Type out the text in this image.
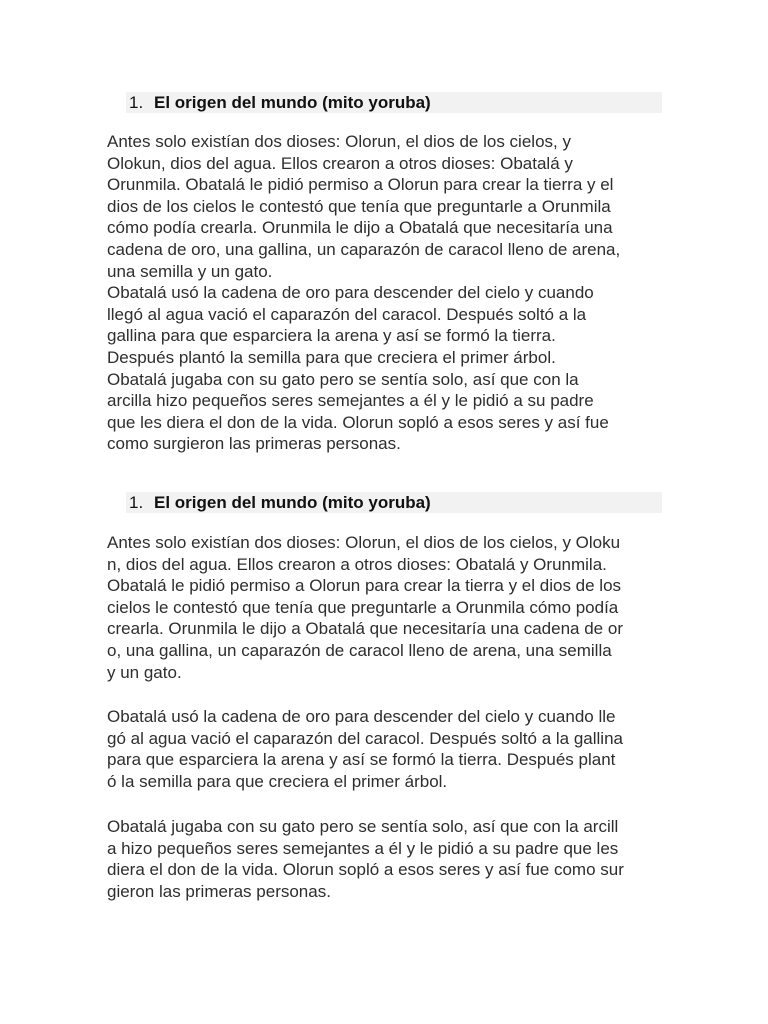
1. El origen del mundo (mito yoruba)
Antes solo existían dos dioses: Olorun, el dios de los cielos, y
Olokun, dios del agua. Ellos crearon a otros dioses: Obatalá y
Orunmila. Obatalá le pidió permiso a Olorun para crear la tierra y el
dios de los cielos le contestó que tenía que preguntarle a Orunmila
cómo podía crearla. Orunmila le dijo a Obatalá que necesitaría una
cadena de oro, una gallina, un caparazón de caracol lleno de arena,
una semilla y un gato.
Obatalá usó la cadena de oro para descender del cielo y cuando
llegó al agua vació el caparazón del caracol. Después soltó a la
gallina para que esparciera la arena y así se formó la tierra.
Después plantó la semilla para que creciera el primer árbol.
Obatalá jugaba con su gato pero se sentía solo, así que con la
arcilla hizo pequeños seres semejantes a él y le pidió a su padre
que les diera el don de la vida. Olorun sopló a esos seres y así fue
como surgieron las primeras personas.
1. El origen del mundo (mito yoruba)
Antes solo existían dos dioses: Olorun, el dios de los cielos, y Oloku
n, dios del agua. Ellos crearon a otros dioses: Obatalá y Orunmila.
Obatalá le pidió permiso a Olorun para crear la tierra y el dios de los
cielos le contestó que tenía que preguntarle a Orunmila cómo podía
crearla. Orunmila le dijo a Obatalá que necesitaría una cadena de or
o, una gallina, un caparazón de caracol lleno de arena, una semilla
y un gato.
Obatalá usó la cadena de oro para descender del cielo y cuando lle
gó al agua vació el caparazón del caracol. Después soltó a la gallina
para que esparciera la arena y así se formó la tierra. Después plant
ó la semilla para que creciera el primer árbol.
Obatalá jugaba con su gato pero se sentía solo, así que con la arcill
a hizo pequeños seres semejantes a él y le pidió a su padre que les
diera el don de la vida. Olorun sopló a esos seres y así fue como sur
gieron las primeras personas.
